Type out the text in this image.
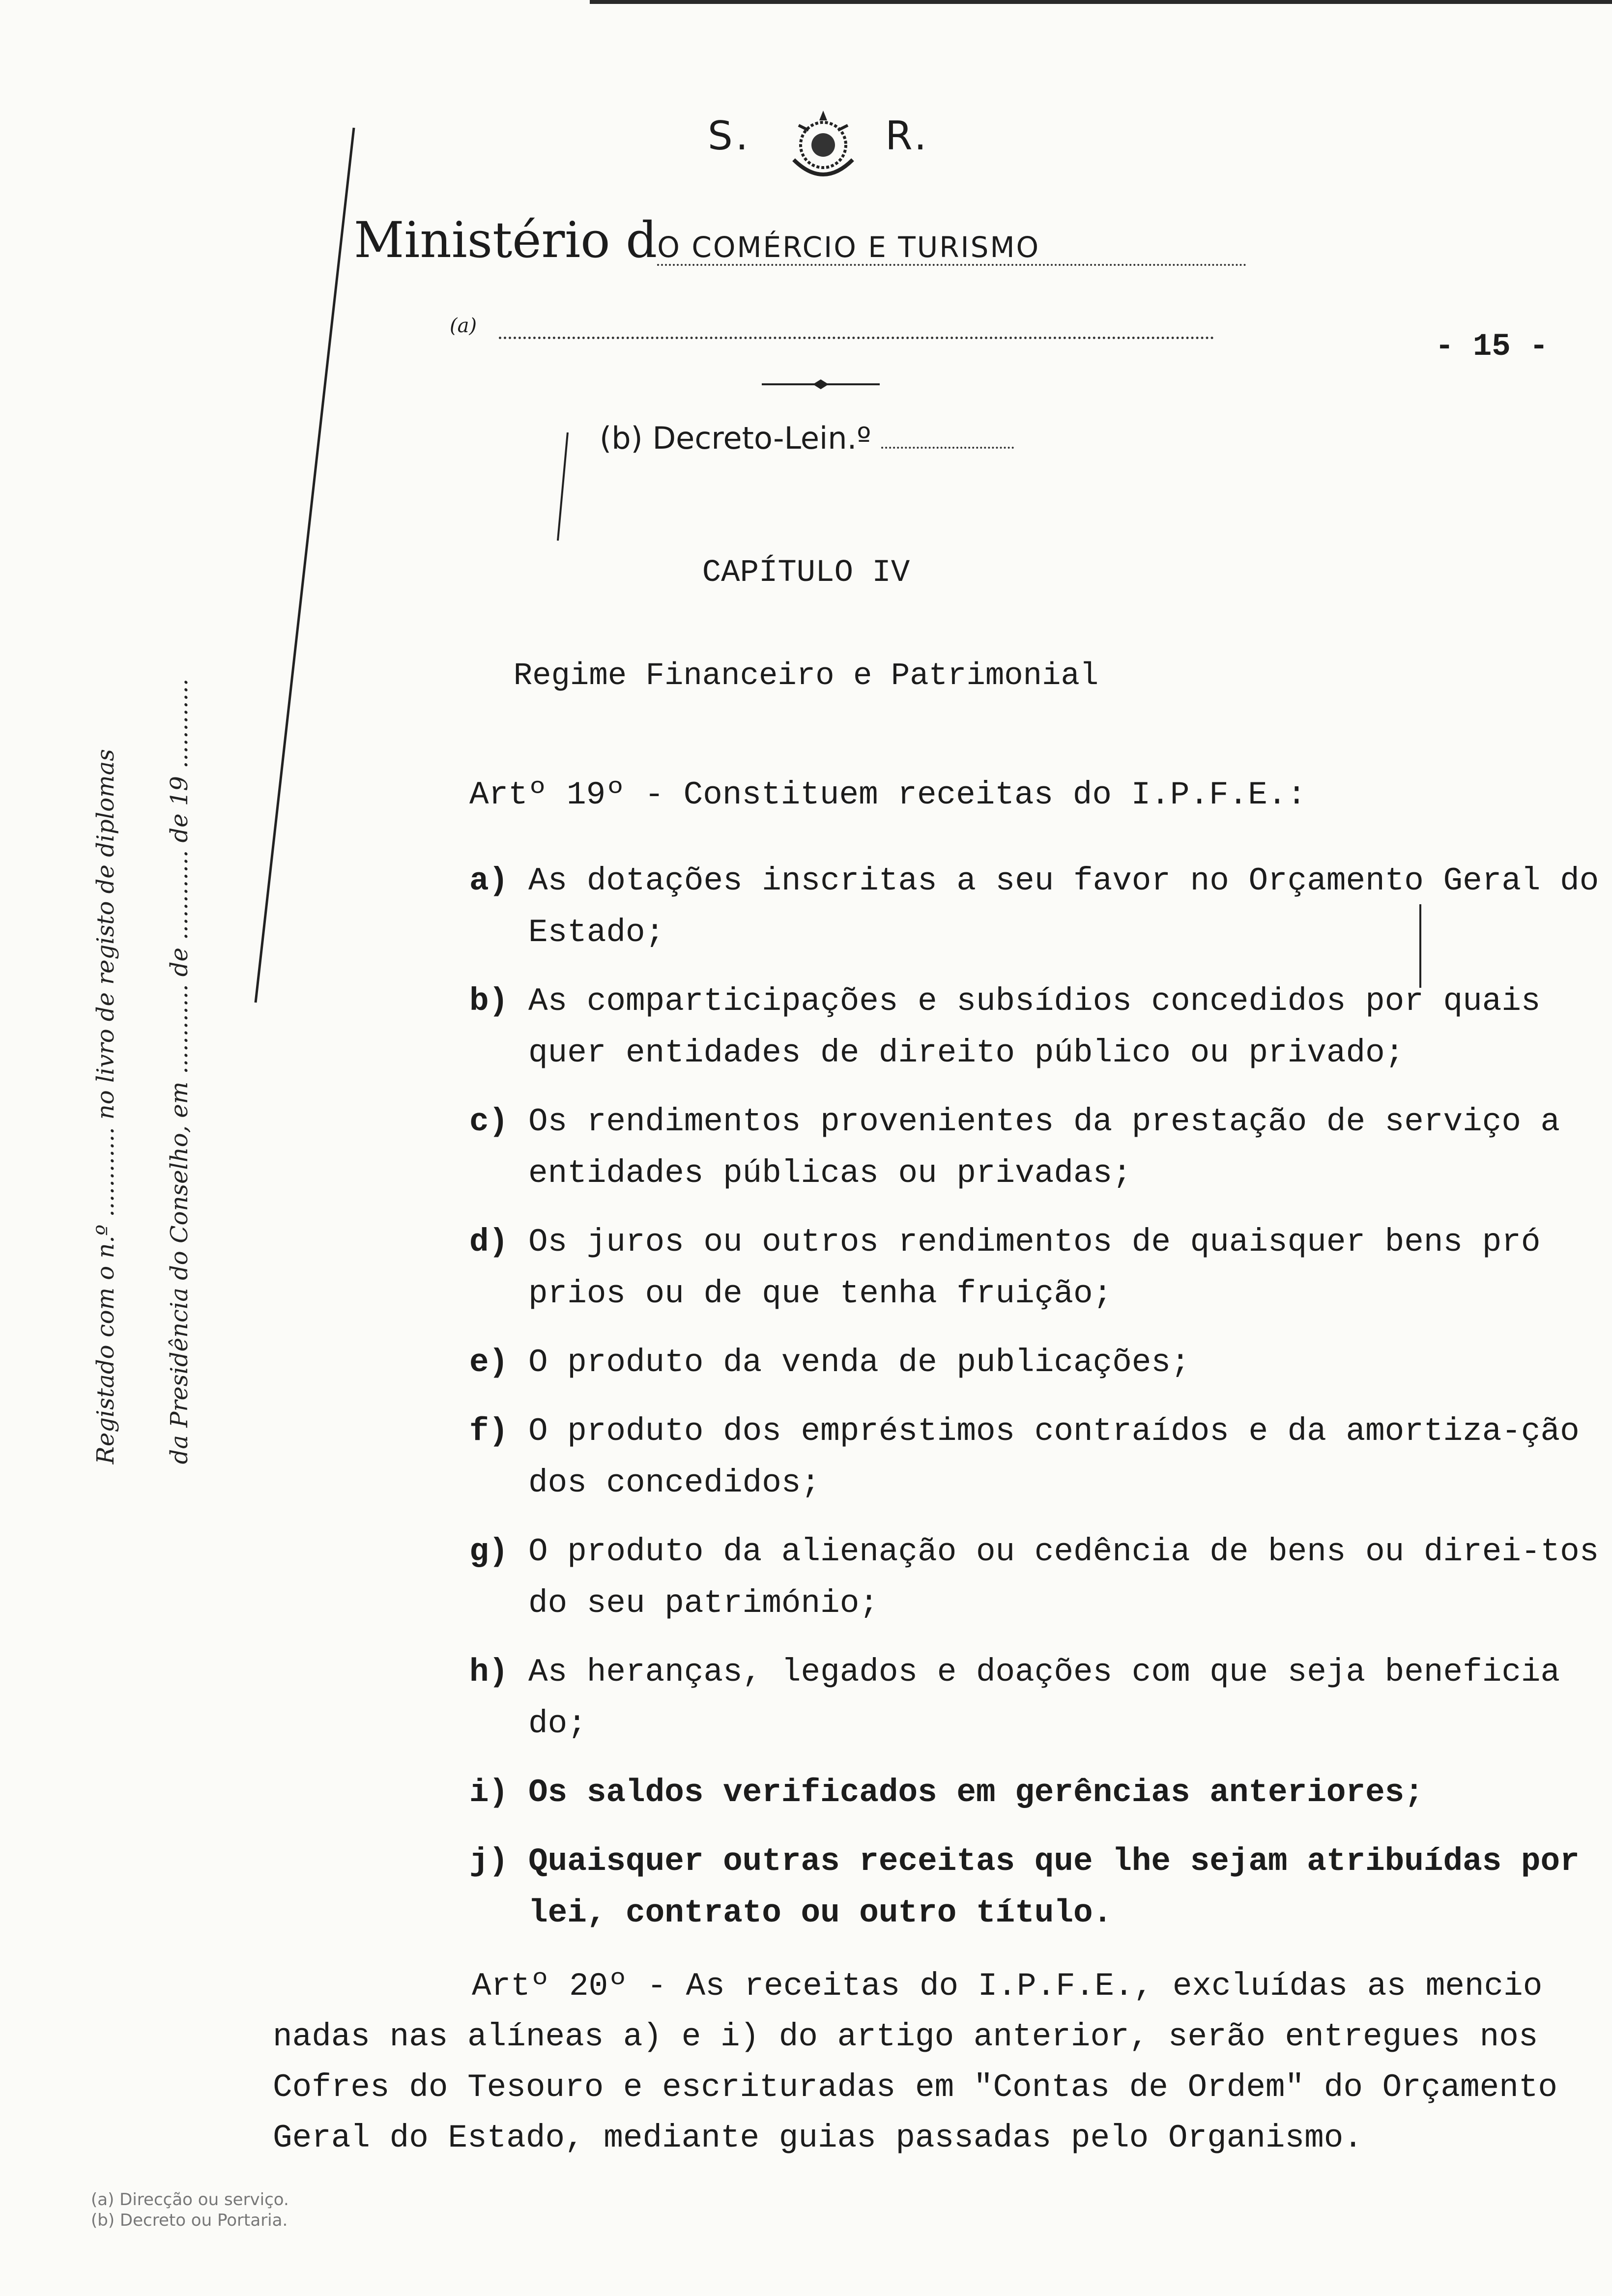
S.	R.
Ministério dO COMÉRCIO E TURISMO
(a)
- 15 -
(b) Decreto-Lein.º
Registado com o n.º ............ no livro de registo de diplomas	da Presidência do Conselho, em ............ de ............ de 19 ............
CAPÍTULO IV
Regime Financeiro e Patrimonial
Artº 19º - Constituem receitas do I.P.F.E.:
a) As dotações inscritas a seu favor no Orçamento Geral do Estado;
b) As comparticipações e subsídios concedidos por quais quer entidades de direito público ou privado;
c) Os rendimentos provenientes da prestação de serviço a entidades públicas ou privadas;
d) Os juros ou outros rendimentos de quaisquer bens pró prios ou de que tenha fruição;
e) O produto da venda de publicações;
f) O produto dos empréstimos contraídos e da amortiza-ção dos concedidos;
g) O produto da alienação ou cedência de bens ou direi-tos do seu património;
h) As heranças, legados e doações com que seja beneficia do;
i) Os saldos verificados em gerências anteriores;
j) Quaisquer outras receitas que lhe sejam atribuídas por lei, contrato ou outro título.
Artº 20º - As receitas do I.P.F.E., excluídas as mencio
nadas nas alíneas a) e i) do artigo anterior, serão entregues nos
Cofres do Tesouro e escrituradas em "Contas de Ordem" do Orçamento
Geral do Estado, mediante guias passadas pelo Organismo.
(a) Direcção ou serviço.
(b) Decreto ou Portaria.
